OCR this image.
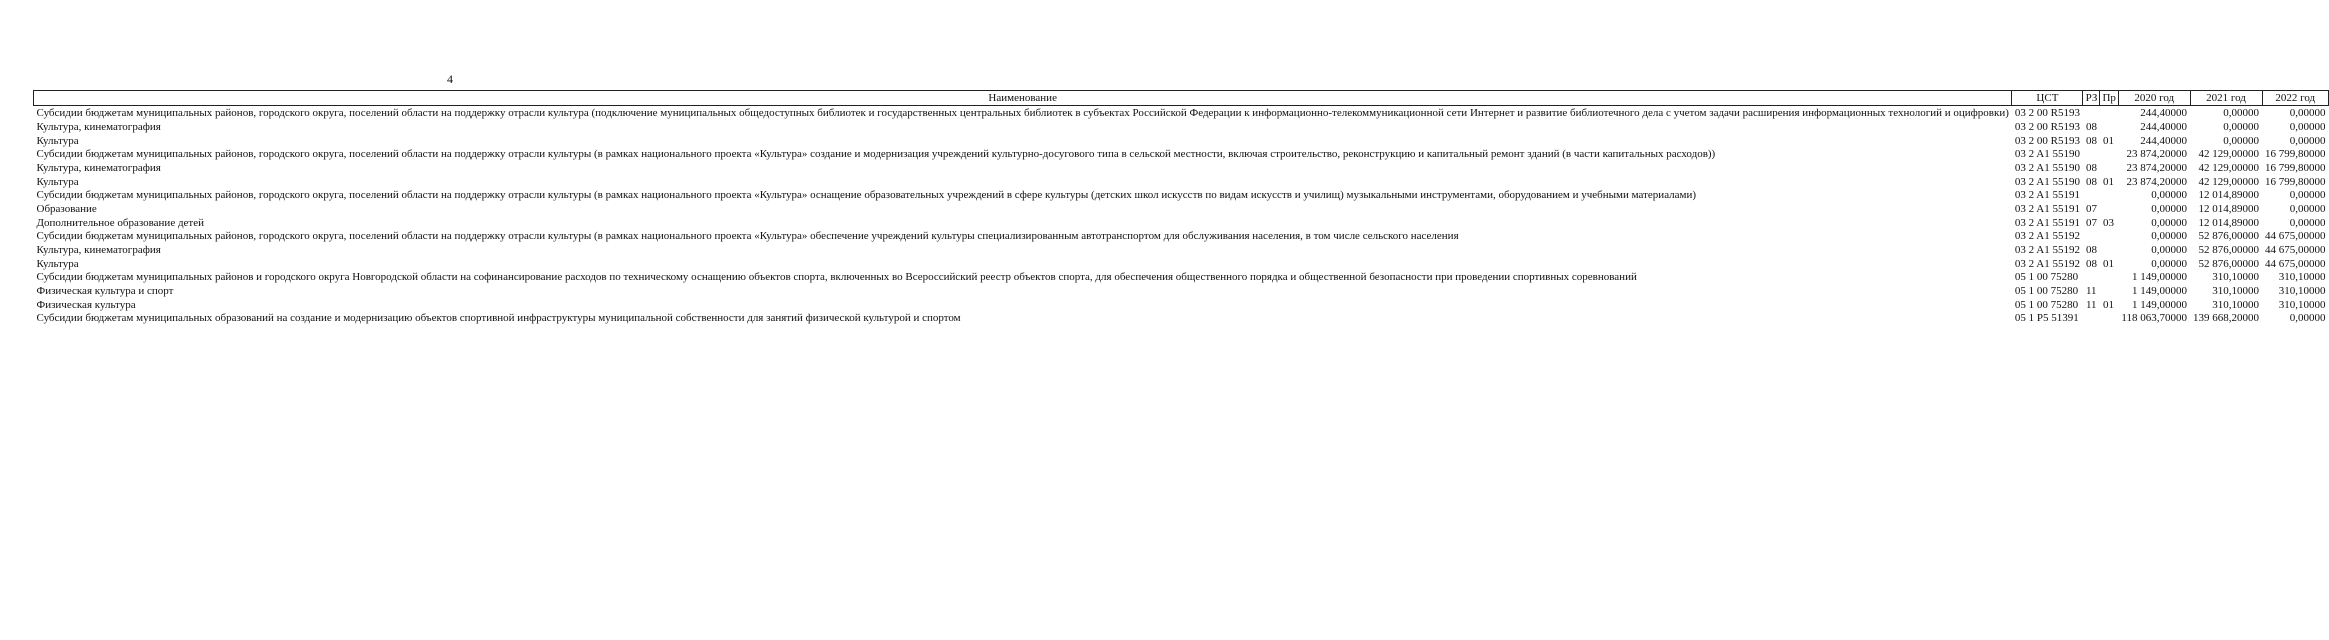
4
Наименование	ЦСТ	РЗ	Пр	2020 год	2021 год	2022 год
Субсидии бюджетам муниципальных районов, городского округа, поселений области на поддержку отрасли культура (подключение муниципальных общедоступных библиотек и государственных центральных библиотек в субъектах Российской Федерации к информационно-телекоммуникационной сети Интернет и развитие библиотечного дела с учетом задачи расширения информационных технологий и оцифровки)	03 2 00 R5193			244,40000	0,00000	0,00000
Культура, кинематография	03 2 00 R5193	08		244,40000	0,00000	0,00000
Культура	03 2 00 R5193	08	01	244,40000	0,00000	0,00000
Субсидии бюджетам муниципальных районов, городского округа, поселений области на поддержку отрасли культуры (в рамках национального проекта «Культура» создание и модернизация учреждений культурно-досугового типа в сельской местности, включая строительство, реконструкцию и капитальный ремонт зданий (в части капитальных расходов))	03 2 A1 55190			23 874,20000	42 129,00000	16 799,80000
Культура, кинематография	03 2 A1 55190	08		23 874,20000	42 129,00000	16 799,80000
Культура	03 2 A1 55190	08	01	23 874,20000	42 129,00000	16 799,80000
Субсидии бюджетам муниципальных районов, городского округа, поселений области на поддержку отрасли культуры (в рамках национального проекта «Культура» оснащение образовательных учреждений в сфере культуры (детских школ искусств по видам искусств и училищ) музыкальными инструментами, оборудованием и учебными материалами)	03 2 A1 55191			0,00000	12 014,89000	0,00000
Образование	03 2 A1 55191	07		0,00000	12 014,89000	0,00000
Дополнительное образование детей	03 2 A1 55191	07	03	0,00000	12 014,89000	0,00000
Субсидии бюджетам муниципальных районов, городского округа, поселений области на поддержку отрасли культуры (в рамках национального проекта «Культура» обеспечение учреждений культуры специализированным автотранспортом для обслуживания населения, в том числе сельского населения	03 2 A1 55192			0,00000	52 876,00000	44 675,00000
Культура, кинематография	03 2 A1 55192	08		0,00000	52 876,00000	44 675,00000
Культура	03 2 A1 55192	08	01	0,00000	52 876,00000	44 675,00000
Субсидии бюджетам муниципальных районов и городского округа Новгородской области на софинансирование расходов по техническому оснащению объектов спорта, включенных во Всероссийский реестр объектов спорта, для обеспечения общественного порядка и общественной безопасности при проведении спортивных соревнований	05 1 00 75280			1 149,00000	310,10000	310,10000
Физическая культура и спорт	05 1 00 75280	11		1 149,00000	310,10000	310,10000
Физическая культура	05 1 00 75280	11	01	1 149,00000	310,10000	310,10000
Субсидии бюджетам муниципальных образований на создание и модернизацию объектов спортивной инфраструктуры муниципальной собственности для занятий физической культурой и спортом	05 1 P5 51391			118 063,70000	139 668,20000	0,00000
